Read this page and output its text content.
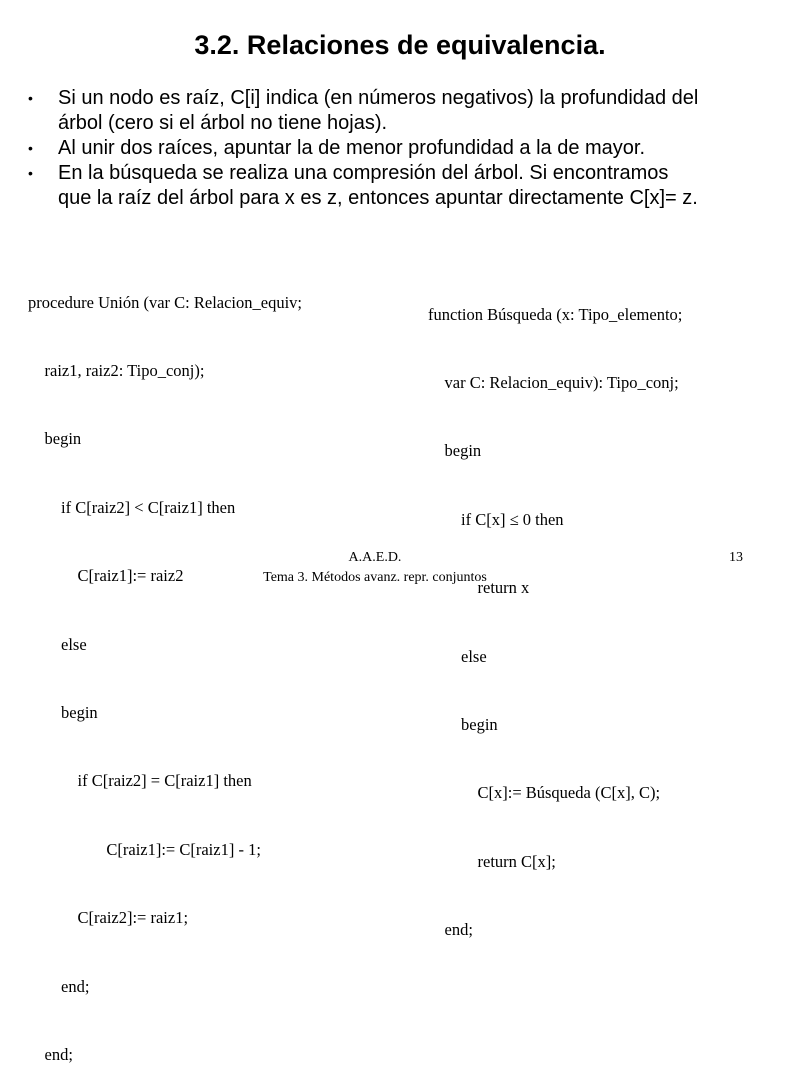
3.2. Relaciones de equivalencia.
•	Si un nodo es raíz, C[i] indica (en números negativos) la profundidad del
árbol (cero si el árbol no tiene hojas).
•	Al unir dos raíces, apuntar la de menor profundidad a la de mayor.
•	En la búsqueda se realiza una compresión del árbol. Si encontramos
que la raíz del árbol para x es z, entonces apuntar directamente C[x]= z.

procedure Unión (var C: Relacion_equiv;

raiz1, raiz2: Tipo_conj);

begin

if C[raiz2] < C[raiz1] then

C[raiz1]:= raiz2

else

begin

if C[raiz2] = C[raiz1] then

C[raiz1]:= C[raiz1] - 1;

C[raiz2]:= raiz1;

end;

end;

function Búsqueda (x: Tipo_elemento;

var C: Relacion_equiv): Tipo_conj;

begin

if C[x] ≤ 0 then

return x

else

begin

C[x]:= Búsqueda (C[x], C);

return C[x];

end;

A.A.E.D.
Tema 3. Métodos avanz. repr. conjuntos
13
